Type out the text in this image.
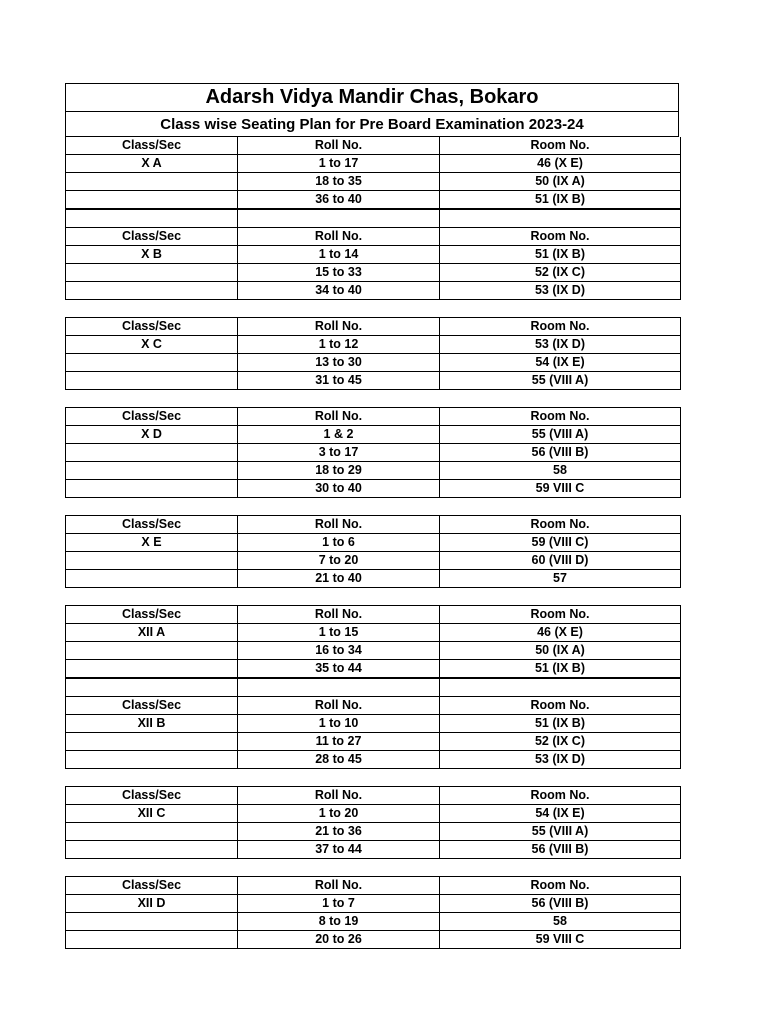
Adarsh Vidya Mandir Chas, Bokaro
Class wise Seating Plan for Pre Board Examination 2023-24
Class/Sec	Roll No.	Room No.
X A	1 to 17	46 (X E)
	18 to 35	50 (IX A)
	36 to 40	51 (IX B)

Class/Sec	Roll No.	Room No.
X B	1 to 14	51 (IX B)
	15 to 33	52 (IX C)
	34 to 40	53 (IX D)
Class/Sec	Roll No.	Room No.
X C	1 to 12	53 (IX D)
	13 to 30	54 (IX E)
	31 to 45	55 (VIII A)
Class/Sec	Roll No.	Room No.
X D	1 & 2	55 (VIII A)
	3 to 17	56 (VIII B)
	18 to 29	58
	30 to 40	59 VIII C
Class/Sec	Roll No.	Room No.
X E	1 to 6	59 (VIII C)
	7 to 20	60 (VIII D)
	21 to 40	57
Class/Sec	Roll No.	Room No.
XII A	1 to 15	46 (X E)
	16 to 34	50 (IX A)
	35 to 44	51 (IX B)

Class/Sec	Roll No.	Room No.
XII B	1 to 10	51 (IX B)
	11 to 27	52 (IX C)
	28 to 45	53 (IX D)
Class/Sec	Roll No.	Room No.
XII C	1 to 20	54 (IX E)
	21 to 36	55 (VIII A)
	37 to 44	56 (VIII B)
Class/Sec	Roll No.	Room No.
XII D	1 to 7	56 (VIII B)
	8 to 19	58
	20 to 26	59 VIII C
